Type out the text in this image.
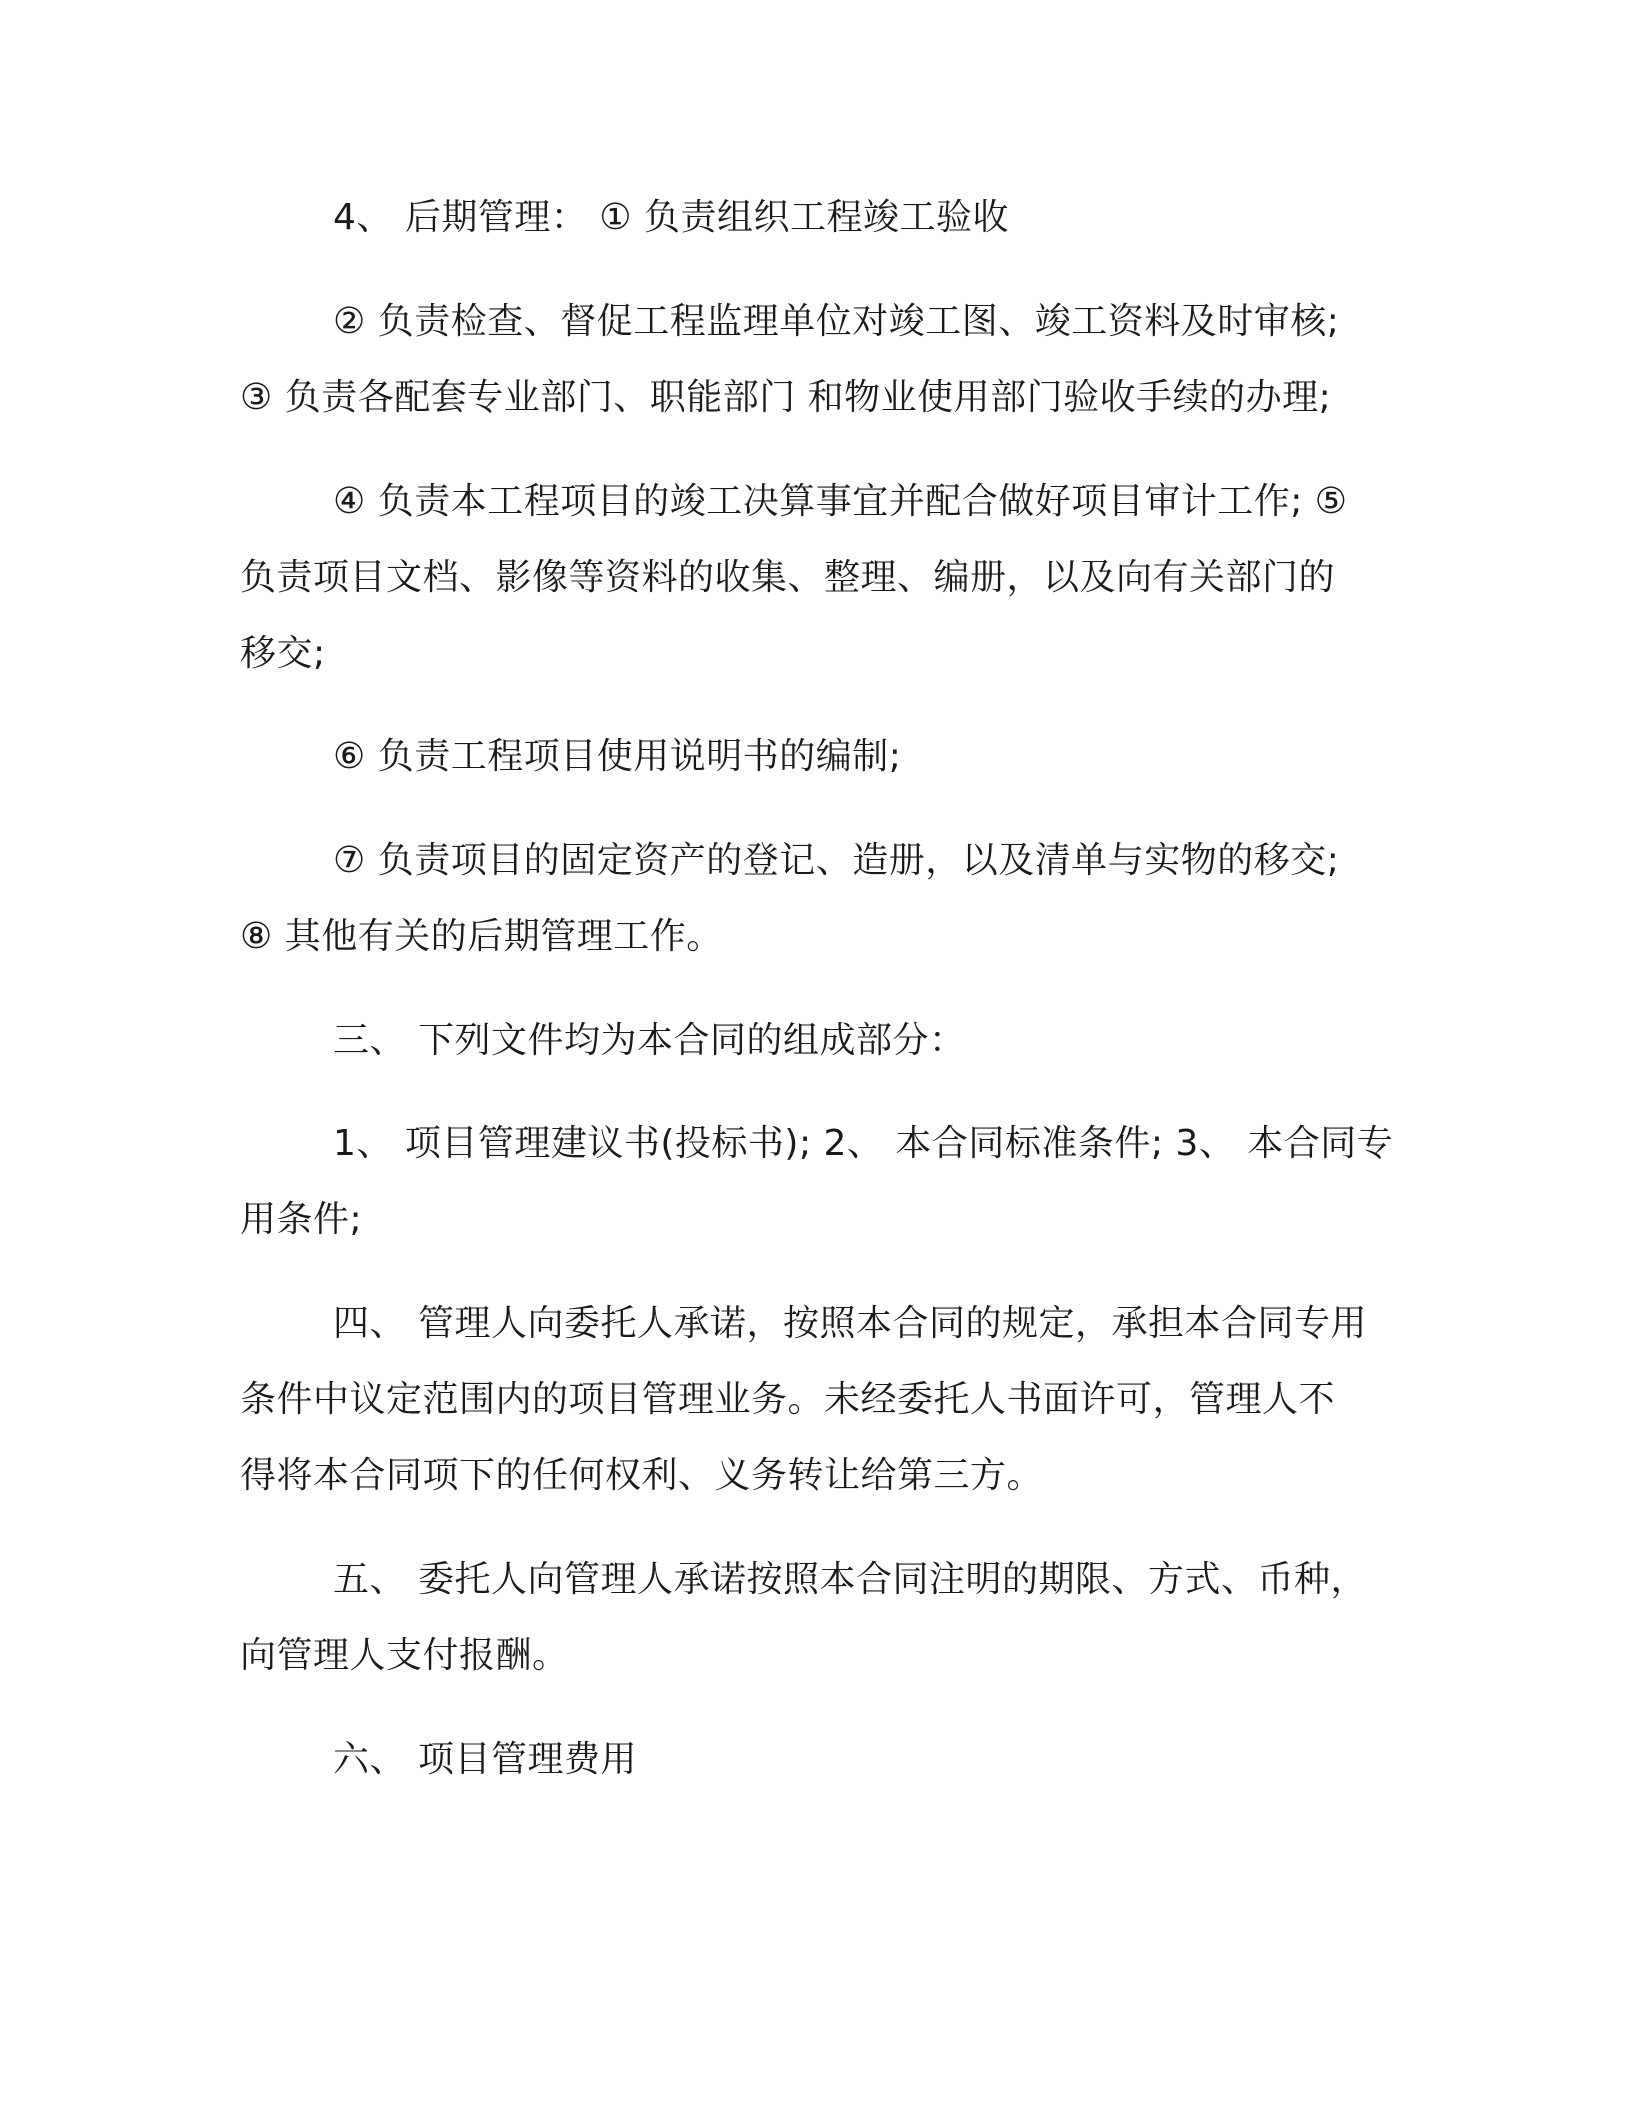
4、 后期管理： ① 负责组织工程竣工验收
② 负责检查、督促工程监理单位对竣工图、竣工资料及时审核;
③ 负责各配套专业部门、职能部门 和物业使用部门验收手续的办理;
④ 负责本工程项目的竣工决算事宜并配合做好项目审计工作; ⑤
负责项目文档、影像等资料的收集、整理、编册，以及向有关部门的
移交;
⑥ 负责工程项目使用说明书的编制;
⑦ 负责项目的固定资产的登记、造册，以及清单与实物的移交;
⑧ 其他有关的后期管理工作。
三、 下列文件均为本合同的组成部分：
1、 项目管理建议书(投标书); 2、 本合同标准条件; 3、 本合同专
用条件;
四、 管理人向委托人承诺，按照本合同的规定，承担本合同专用
条件中议定范围内的项目管理业务。未经委托人书面许可，管理人不
得将本合同项下的任何权利、义务转让给第三方。
五、 委托人向管理人承诺按照本合同注明的期限、方式、币种，
向管理人支付报酬。
六、 项目管理费用
